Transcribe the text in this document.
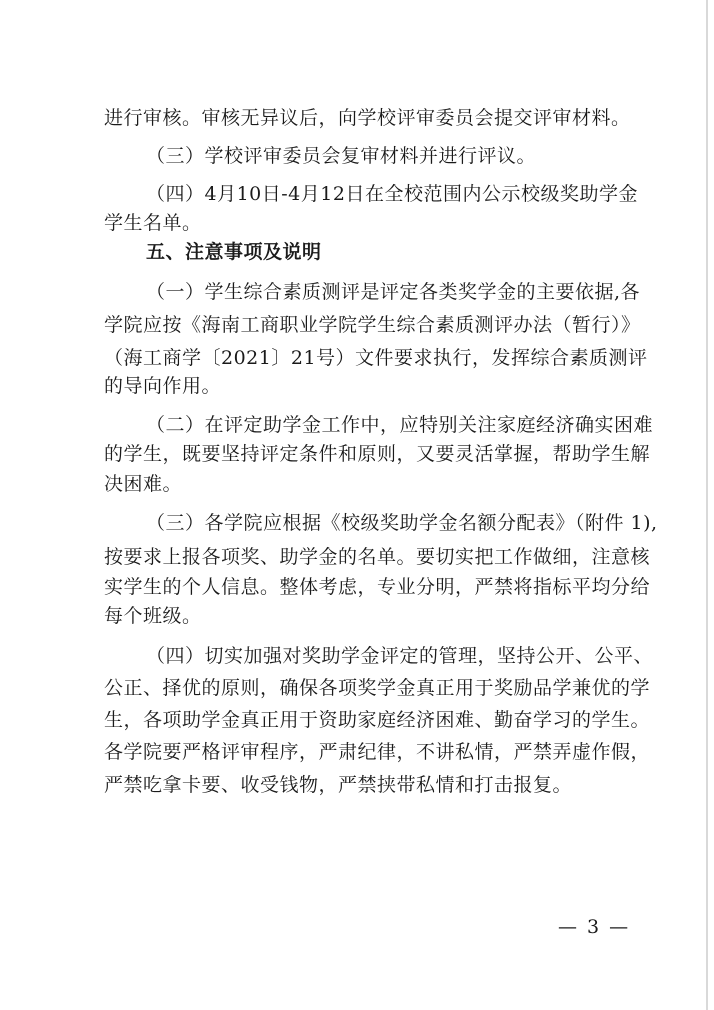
进行审核。审核无异议后，向学校评审委员会提交评审材料。
（三）学校评审委员会复审材料并进行评议。
（四）4月10日-4月12日在全校范围内公示校级奖助学金
学生名单。
五、注意事项及说明
（一）学生综合素质测评是评定各类奖学金的主要依据,各
学院应按《海南工商职业学院学生综合素质测评办法（暂行）》
（海工商学〔2021〕21号）文件要求执行，发挥综合素质测评
的导向作用。
（二）在评定助学金工作中，应特别关注家庭经济确实困难
的学生，既要坚持评定条件和原则，又要灵活掌握，帮助学生解
决困难。
（三）各学院应根据《校级奖助学金名额分配表》（附件 1),
按要求上报各项奖、助学金的名单。要切实把工作做细，注意核
实学生的个人信息。整体考虑，专业分明，严禁将指标平均分给
每个班级。
（四）切实加强对奖助学金评定的管理，坚持公开、公平、
公正、择优的原则，确保各项奖学金真正用于奖励品学兼优的学
生，各项助学金真正用于资助家庭经济困难、勤奋学习的学生。
各学院要严格评审程序，严肃纪律，不讲私情，严禁弄虚作假，
严禁吃拿卡要、收受钱物，严禁挟带私情和打击报复。
— 3 —
